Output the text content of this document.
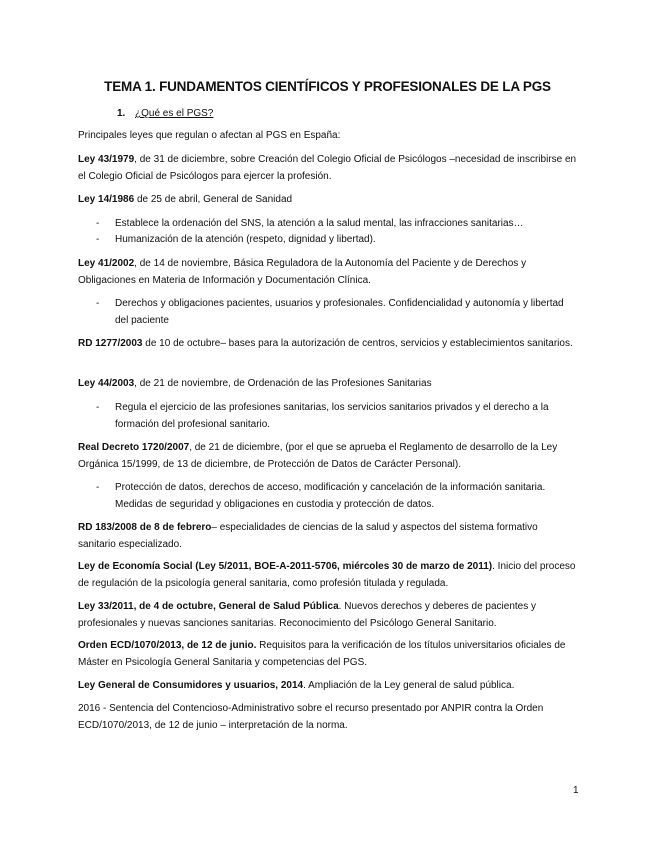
TEMA 1. FUNDAMENTOS CIENTÍFICOS Y PROFESIONALES DE LA PGS
1. ¿Qué es el PGS?
Principales leyes que regulan o afectan al PGS en España:
Ley 43/1979, de 31 de diciembre, sobre Creación del Colegio Oficial de Psicólogos –necesidad de inscribirse en el Colegio Oficial de Psicólogos para ejercer la profesión.
Ley 14/1986 de 25 de abril, General de Sanidad
- Establece la ordenación del SNS, la atención a la salud mental, las infracciones sanitarias…
- Humanización de la atención (respeto, dignidad y libertad).
Ley 41/2002, de 14 de noviembre, Básica Reguladora de la Autonomía del Paciente y de Derechos y Obligaciones en Materia de Información y Documentación Clínica.
- Derechos y obligaciones pacientes, usuarios y profesionales. Confidencialidad y autonomía y libertad del paciente
RD 1277/2003 de 10 de octubre– bases para la autorización de centros, servicios y establecimientos sanitarios.
Ley 44/2003, de 21 de noviembre, de Ordenación de las Profesiones Sanitarias
- Regula el ejercicio de las profesiones sanitarias, los servicios sanitarios privados y el derecho a la formación del profesional sanitario.
Real Decreto 1720/2007, de 21 de diciembre, (por el que se aprueba el Reglamento de desarrollo de la Ley Orgánica 15/1999, de 13 de diciembre, de Protección de Datos de Carácter Personal).
- Protección de datos, derechos de acceso, modificación y cancelación de la información sanitaria. Medidas de seguridad y obligaciones en custodia y protección de datos.
RD 183/2008 de 8 de febrero– especialidades de ciencias de la salud y aspectos del sistema formativo sanitario especializado.
Ley de Economía Social (Ley 5/2011, BOE-A-2011-5706, miércoles 30 de marzo de 2011). Inicio del proceso de regulación de la psicología general sanitaria, como profesión titulada y regulada.
Ley 33/2011, de 4 de octubre, General de Salud Pública. Nuevos derechos y deberes de pacientes y profesionales y nuevas sanciones sanitarias. Reconocimiento del Psicólogo General Sanitario.
Orden ECD/1070/2013, de 12 de junio. Requisitos para la verificación de los títulos universitarios oficiales de Máster en Psicología General Sanitaria y competencias del PGS.
Ley General de Consumidores y usuarios, 2014. Ampliación de la Ley general de salud pública.
2016 - Sentencia del Contencioso-Administrativo sobre el recurso presentado por ANPIR contra la Orden ECD/1070/2013, de 12 de junio – interpretación de la norma.
1
